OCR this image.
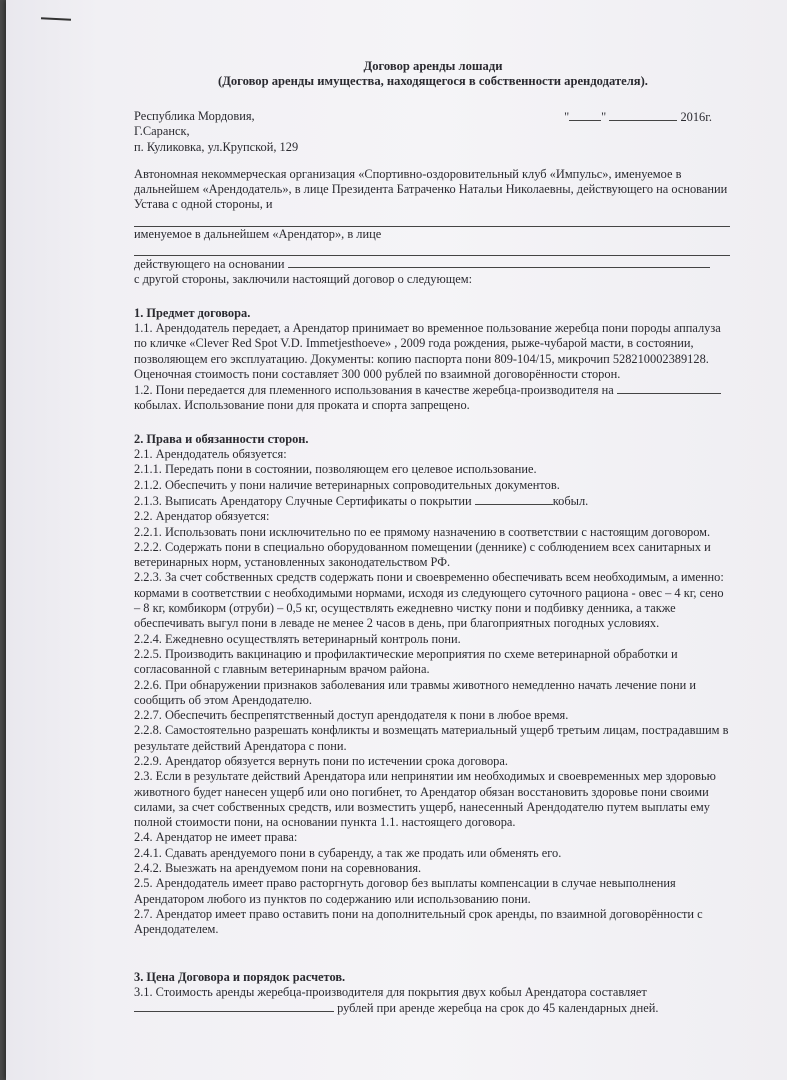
Договор аренды лошади

(Договор аренды имущества, находящегося в собственности арендодателя).

Республика Мордовия,

Г.Саранск,

п. Куликовка, ул.Крупской, 129

"	"	2016г.

Автономная некоммерческая организация «Спортивно-оздоровительный клуб «Импульс», именуемое в дальнейшем «Арендодатель», в лице Президента Батраченко Натальи Николаевны, действующего на основании Устава с одной стороны, и

именуемое в дальнейшем «Арендатор», в лице

действующего на основании

с другой стороны, заключили настоящий договор о следующем:

1. Предмет договора.

1.1. Арендодатель передает, а Арендатор принимает во временное пользование жеребца пони породы аппалуза по кличке «Clever Red Spot V.D. Immetjesthoeve» , 2009 года рождения, рыже-чубарой масти, в состоянии, позволяющем его эксплуатацию. Документы: копию паспорта пони 809-104/15, микрочип 528210002389128.

Оценочная стоимость пони составляет 300 000 рублей по взаимной договорённости сторон.

1.2. Пони передается для племенного использования в качестве жеребца-производителя на кобылах. Использование пони для проката и спорта запрещено.

2. Права и обязанности сторон.

2.1. Арендодатель обязуется:

2.1.1. Передать пони в состоянии, позволяющем его целевое использование.

2.1.2. Обеспечить у пони наличие ветеринарных сопроводительных документов.

2.1.3. Выписать Арендатору Случные Сертификаты о покрытии	кобыл.

2.2. Арендатор обязуется:

2.2.1. Использовать пони исключительно по ее прямому назначению в соответствии с настоящим договором.

2.2.2. Содержать пони в специально оборудованном помещении (деннике) с соблюдением всех санитарных и ветеринарных норм, установленных законодательством РФ.

2.2.3. За счет собственных средств содержать пони и своевременно обеспечивать всем необходимым, а именно: кормами в соответствии с необходимыми нормами, исходя из следующего суточного рациона - овес – 4 кг, сено – 8 кг, комбикорм (отруби) – 0,5 кг, осуществлять ежедневно чистку пони и подбивку денника, а также обеспечивать выгул пони в леваде не менее 2 часов в день, при благоприятных погодных условиях.

2.2.4. Ежедневно осуществлять ветеринарный контроль пони.

2.2.5. Производить вакцинацию и профилактические мероприятия по схеме ветеринарной обработки и согласованной с главным ветеринарным врачом района.

2.2.6. При обнаружении признаков заболевания или травмы животного немедленно начать лечение пони и сообщить об этом Арендодателю.

2.2.7. Обеспечить беспрепятственный доступ арендодателя к пони в любое время.

2.2.8. Самостоятельно разрешать конфликты и возмещать материальный ущерб третьим лицам, пострадавшим в результате действий Арендатора с пони.

2.2.9. Арендатор обязуется вернуть пони по истечении срока договора.

2.3. Если в результате действий Арендатора или непринятии им необходимых и своевременных мер здоровью животного будет нанесен ущерб или оно погибнет, то Арендатор обязан восстановить здоровье пони своими силами, за счет собственных средств, или возместить ущерб, нанесенный Арендодателю путем выплаты ему полной стоимости пони, на основании пункта 1.1. настоящего договора.

2.4. Арендатор не имеет права:

2.4.1. Сдавать арендуемого пони в субаренду, а так же продать или обменять его.

2.4.2. Выезжать на арендуемом пони на соревнования.

2.5. Арендодатель имеет право расторгнуть договор без выплаты компенсации в случае невыполнения Арендатором любого из пунктов по содержанию или использованию пони.

2.7. Арендатор имеет право оставить пони на дополнительный срок аренды, по взаимной договорённости с Арендодателем.

3. Цена Договора и порядок расчетов.

3.1. Стоимость аренды жеребца-производителя для покрытия двух кобыл Арендатора составляет

рублей при аренде жеребца на срок до 45 календарных дней.
